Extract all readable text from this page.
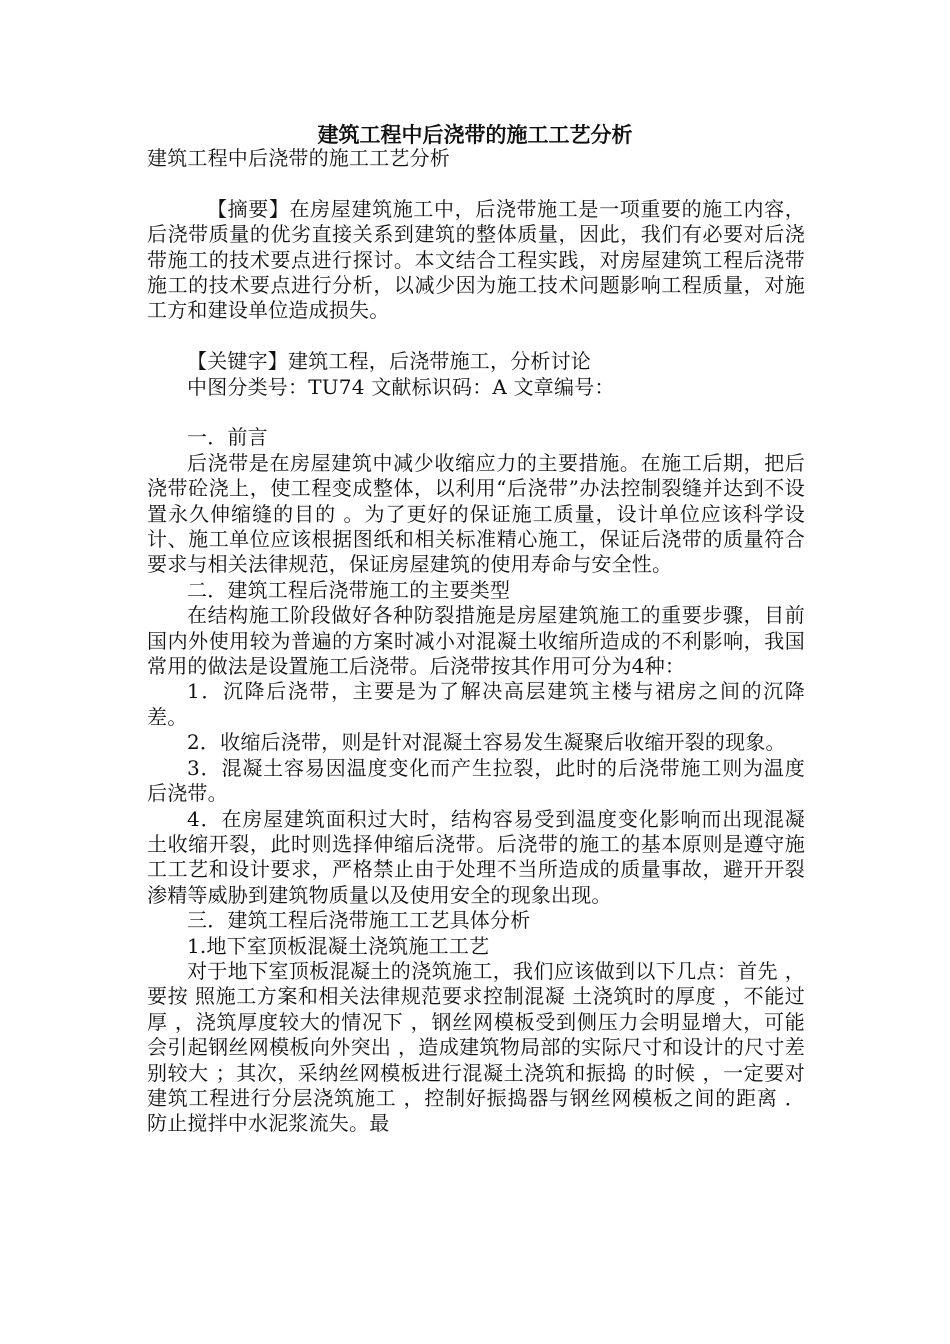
建筑工程中后浇带的施工工艺分析

建筑工程中后浇带的施工工艺分析

【摘要】在房屋建筑施工中，后浇带施工是一项重要的施工内容，后浇带质量的优劣直接关系到建筑的整体质量，因此，我们有必要对后浇带施工的技术要点进行探讨。本文结合工程实践，对房屋建筑工程后浇带施工的技术要点进行分析，以减少因为施工技术问题影响工程质量，对施工方和建设单位造成损失。

【关键字】建筑工程，后浇带施工，分析讨论

中图分类号：TU74 文献标识码：A 文章编号：

一．前言

后浇带是在房屋建筑中减少收缩应力的主要措施。在施工后期，把后浇带砼浇上，使工程变成整体，以利用“后浇带”办法控制裂缝并达到不设置永久伸缩缝的目的 。为了更好的保证施工质量，设计单位应该科学设计、施工单位应该根据图纸和相关标准精心施工，保证后浇带的质量符合要求与相关法律规范，保证房屋建筑的使用寿命与安全性。

二．建筑工程后浇带施工的主要类型

在结构施工阶段做好各种防裂措施是房屋建筑施工的重要步骤，目前国内外使用较为普遍的方案时减小对混凝土收缩所造成的不利影响，我国常用的做法是设置施工后浇带。后浇带按其作用可分为4种：

1．沉降后浇带，主要是为了解决高层建筑主楼与裙房之间的沉降差。

2．收缩后浇带，则是针对混凝土容易发生凝聚后收缩开裂的现象。

3．混凝土容易因温度变化而产生拉裂，此时的后浇带施工则为温度后浇带。

4．在房屋建筑面积过大时，结构容易受到温度变化影响而出现混凝土收缩开裂，此时则选择伸缩后浇带。后浇带的施工的基本原则是遵守施工工艺和设计要求，严格禁止由于处理不当所造成的质量事故，避开开裂渗精等威胁到建筑物质量以及使用安全的现象出现。

三．建筑工程后浇带施工工艺具体分析

1.地下室顶板混凝土浇筑施工工艺

对于地下室顶板混凝土的浇筑施工，我们应该做到以下几点：首先 ，要按 照施工方案和相关法律规范要求控制混凝 土浇筑时的厚度 ，不能过厚 ，浇筑厚度较大的情况下 ，钢丝网模板受到侧压力会明显增大，可能会引起钢丝网模板向外突出 ，造成建筑物局部的实际尺寸和设计的尺寸差别较大 ；其次，采纳丝网模板进行混凝土浇筑和振捣 的时候 ，一定要对建筑工程进行分层浇筑施工 ，控制好振捣器与钢丝网模板之间的距离 ．防止搅拌中水泥浆流失。最
